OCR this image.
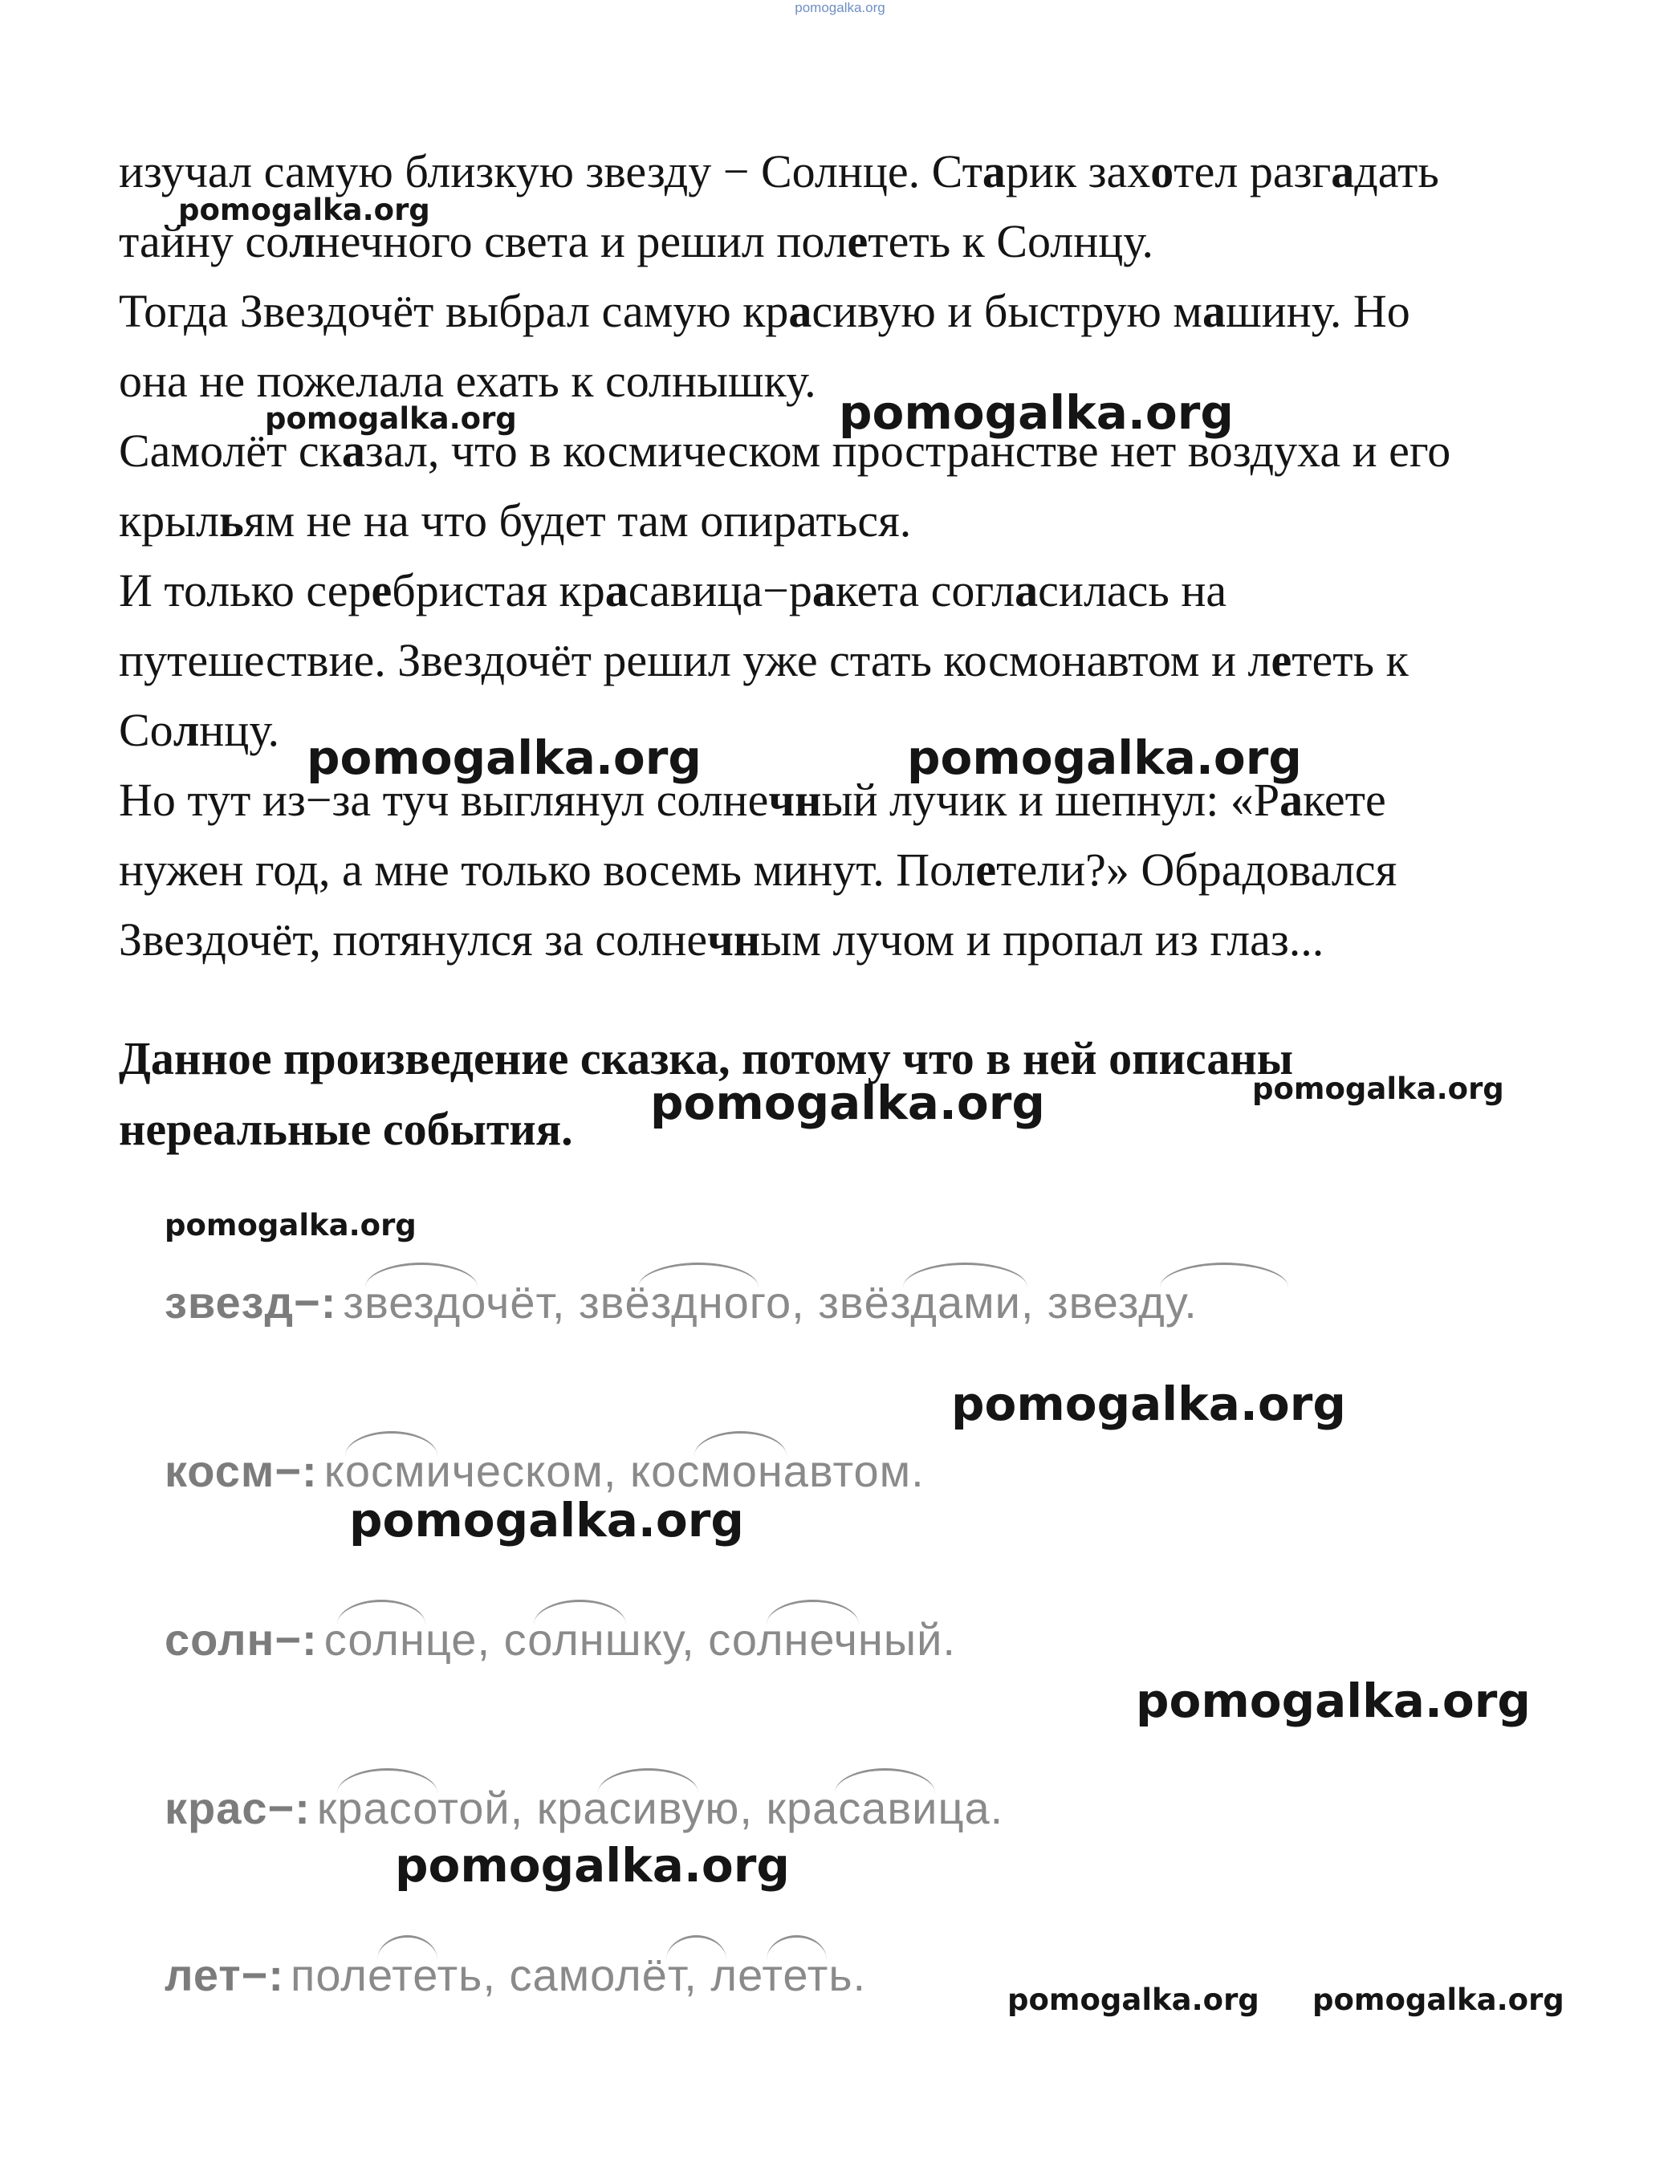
pomogalka.org

изучал самую близкую звезду − Солнце. Старик захотел разгадать

тайну солнечного света и решил полететь к Солнцу.

Тогда Звездочёт выбрал самую красивую и быструю машину. Но

она не пожелала ехать к солнышку.

Самолёт сказал, что в космическом пространстве нет воздуха и его

крыльям не на что будет там опираться.

И только серебристая красавица−ракета согласилась на

путешествие. Звездочёт решил уже стать космонавтом и лететь к

Солнцу.

Но тут из−за туч выглянул солнечный лучик и шепнул: «Ракете

нужен год, а мне только восемь минут. Полетели?» Обрадовался

Звездочёт, потянулся за солнечным лучом и пропал из глаз...

Данное произведение сказка, потому что в ней описаны
нереальные события.
звезд−: звездочёт, звёздного, звёздами, звезду.
косм−: космическом, космонавтом.
солн−: солнце, солншку, солнечный.
крас−: красотой, красивую, красавица.
лет−: полететь, самолёт, лететь.
pomogalka.org
pomogalka.org	pomogalka.org
pomogalka.org	pomogalka.org
pomogalka.org	pomogalka.org
pomogalka.org
pomogalka.org
pomogalka.org
pomogalka.org
pomogalka.org
pomogalka.org pomogalka.org
